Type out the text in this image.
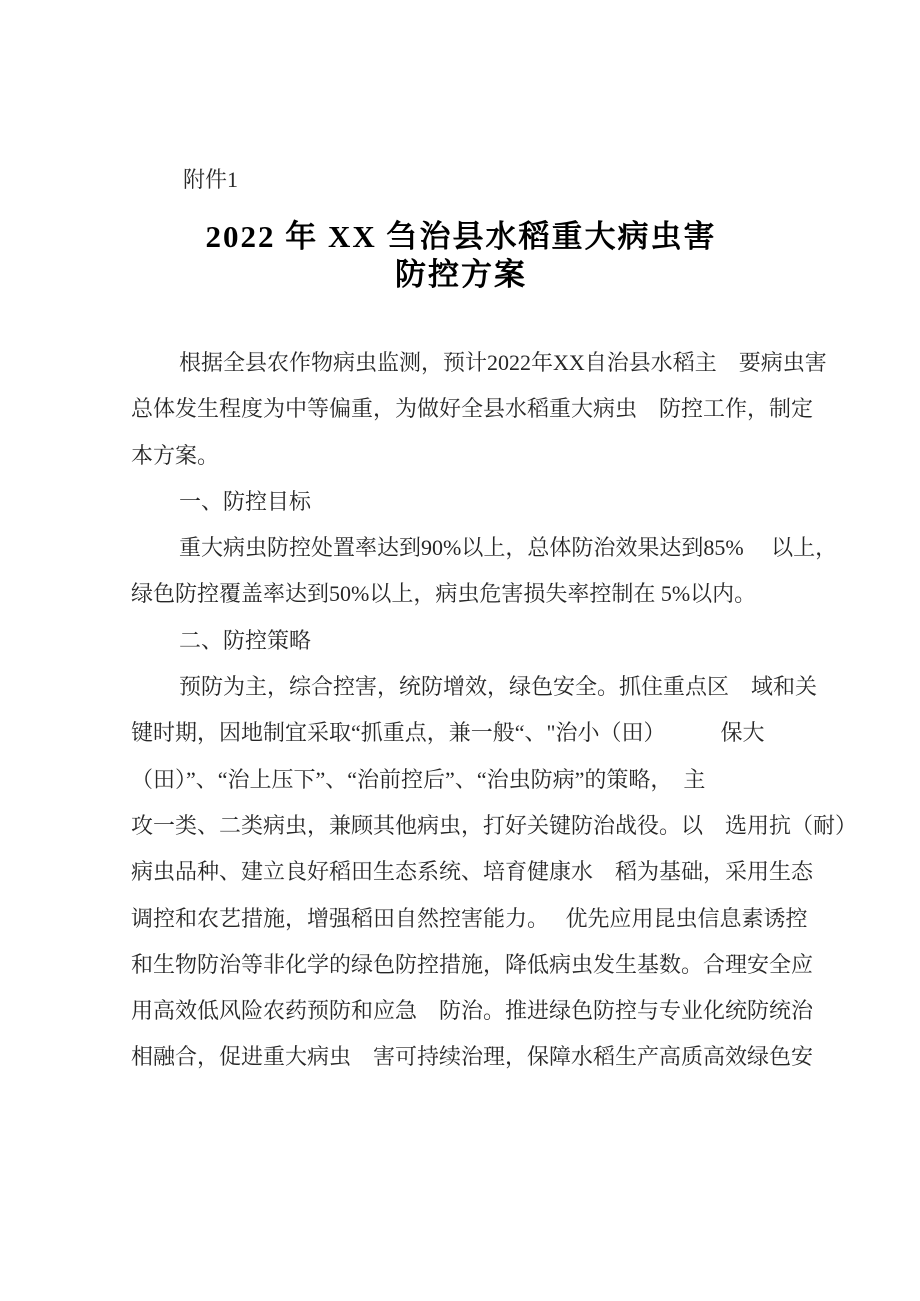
附件1
2022 年 XX 刍治县水稻重大病虫害
防控方案
根据全县农作物病虫监测，预计2022年XX自治县水稻主　要病虫害
总体发生程度为中等偏重，为做好全县水稻重大病虫　防控工作，制定
本方案。
一、防控目标
重大病虫防控处置率达到90%以上，总体防治效果达到85%　 以上，
绿色防控覆盖率达到50%以上，病虫危害损失率控制在 5%以内。
二、防控策略
预防为主，综合控害，统防增效，绿色安全。抓住重点区　域和关
键时期，因地制宜采取“抓重点，兼一般“、"治小（田）　　　保大
（田）”、“治上压下”、“治前控后”、“治虫防病”的策略，　主
攻一类、二类病虫，兼顾其他病虫，打好关键防治战役。以　选用抗（耐）
病虫品种、建立良好稻田生态系统、培育健康水　稻为基础，采用生态
调控和农艺措施，增强稻田自然控害能力。　 优先应用昆虫信息素诱控
和生物防治等非化学的绿色防控措施，降低病虫发生基数。合理安全应
用高效低风险农药预防和应急　防治。推进绿色防控与专业化统防统治
相融合，促进重大病虫　害可持续治理，保障水稻生产高质高效绿色安
